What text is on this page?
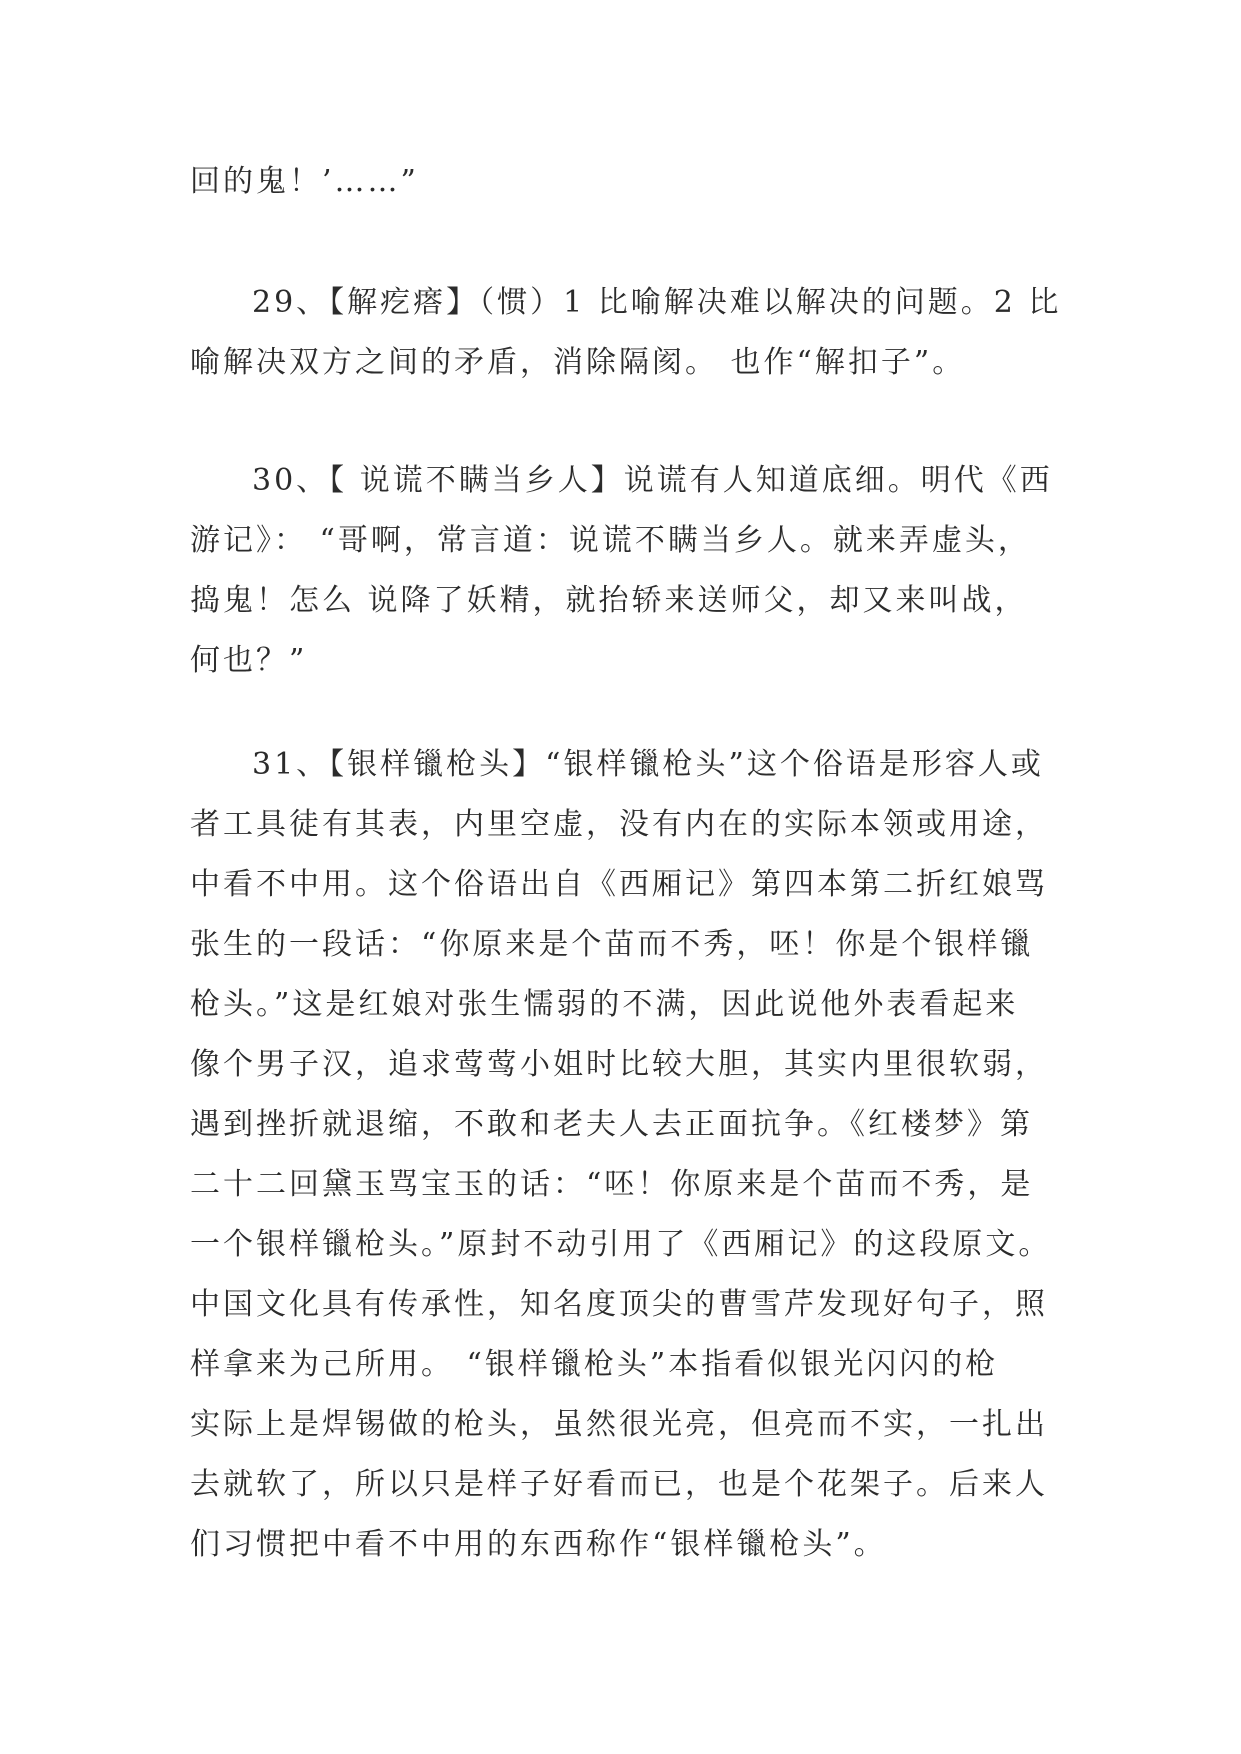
回的鬼！’……”
29、【解疙瘩】（惯）1 比喻解决难以解决的问题。2 比
喻解决双方之间的矛盾，消除隔阂。 也作“解扣子”。
30、【 说谎不瞒当乡人】说谎有人知道底细。明代《西
游记》： “哥啊，常言道：说谎不瞒当乡人。就来弄虚头，
捣鬼！怎么 说降了妖精，就抬轿来送师父，却又来叫战，
何也？”
31、【银样镴枪头】“银样镴枪头”这个俗语是形容人或
者工具徒有其表，内里空虚，没有内在的实际本领或用途，
中看不中用。这个俗语出自《西厢记》第四本第二折红娘骂
张生的一段话：“你原来是个苗而不秀，呸！你是个银样镴
枪头。”这是红娘对张生懦弱的不满，因此说他外表看起来
像个男子汉，追求莺莺小姐时比较大胆，其实内里很软弱，
遇到挫折就退缩，不敢和老夫人去正面抗争。《红楼梦》第
二十二回黛玉骂宝玉的话：“呸！你原来是个苗而不秀，是
一个银样镴枪头。”原封不动引用了《西厢记》的这段原文。
中国文化具有传承性，知名度顶尖的曹雪芹发现好句子，照
样拿来为己所用。 “银样镴枪头”本指看似银光闪闪的枪
实际上是焊锡做的枪头，虽然很光亮，但亮而不实，一扎出
去就软了，所以只是样子好看而已，也是个花架子。后来人
们习惯把中看不中用的东西称作“银样镴枪头”。
